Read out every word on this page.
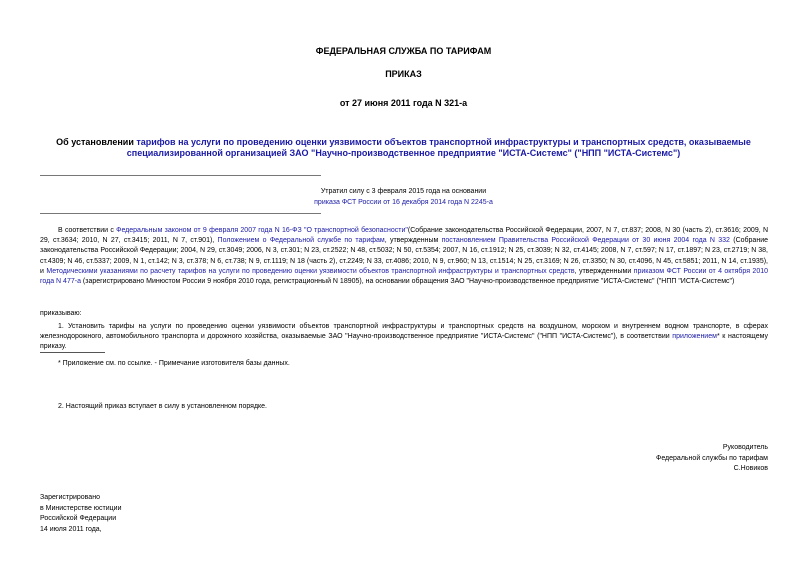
ФЕДЕРАЛЬНАЯ СЛУЖБА ПО ТАРИФАМ
ПРИКАЗ
от 27 июня 2011 года N 321-а
Об установлении тарифов на услуги по проведению оценки уязвимости объектов транспортной инфраструктуры и транспортных средств, оказываемые специализированной организацией ЗАО "Научно-производственное предприятие "ИСТА-Системс" ("НПП "ИСТА-Системс")
Утратил силу с 3 февраля 2015 года на основании
приказа ФСТ России от 16 декабря 2014 года N 2245-а
В соответствии с Федеральным законом от 9 февраля 2007 года N 16-ФЗ "О транспортной безопасности"(Собрание законодательства Российской Федерации, 2007, N 7, ст.837; 2008, N 30 (часть 2), ст.3616; 2009, N 29, ст.3634; 2010, N 27, ст.3415; 2011, N 7, ст.901), Положением о Федеральной службе по тарифам, утвержденным постановлением Правительства Российской Федерации от 30 июня 2004 года N 332 (Собрание законодательства Российской Федерации; 2004, N 29, ст.3049; 2006, N 3, ст.301; N 23, ст.2522; N 48, ст.5032; N 50, ст.5354; 2007, N 16, ст.1912; N 25, ст.3039; N 32, ст.4145; 2008, N 7, ст.597; N 17, ст.1897; N 23, ст.2719; N 38, ст.4309; N 46, ст.5337; 2009, N 1, ст.142; N 3, ст.378; N 6, ст.738; N 9, ст.1119; N 18 (часть 2), ст.2249; N 33, ст.4086; 2010, N 9, ст.960; N 13, ст.1514; N 25, ст.3169; N 26, ст.3350; N 30, ст.4096, N 45, ст.5851; 2011, N 14, ст.1935), и Методическими указаниями по расчету тарифов на услуги по проведению оценки уязвимости объектов транспортной инфраструктуры и транспортных средств, утвержденными приказом ФСТ России от 4 октября 2010 года N 477-а (зарегистрировано Минюстом России 9 ноября 2010 года, регистрационный N 18905), на основании обращения ЗАО "Научно-производственное предприятие "ИСТА-Системс" ("НПП "ИСТА-Системс")
приказываю:
1. Установить тарифы на услуги по проведению оценки уязвимости объектов транспортной инфраструктуры и транспортных средств на воздушном, морском и внутреннем водном транспорте, в сферах железнодорожного, автомобильного транспорта и дорожного хозяйства, оказываемые ЗАО "Научно-производственное предприятие "ИСТА-Системс" ("НПП "ИСТА-Системс"), в соответствии приложением* к настоящему приказу.
* Приложение см. по ссылке. - Примечание изготовителя базы данных.
2. Настоящий приказ вступает в силу в установленном порядке.
Руководитель
Федеральной службы по тарифам
С.Новиков
Зарегистрировано
в Министерстве юстиции
Российской Федерации
14 июля 2011 года,
